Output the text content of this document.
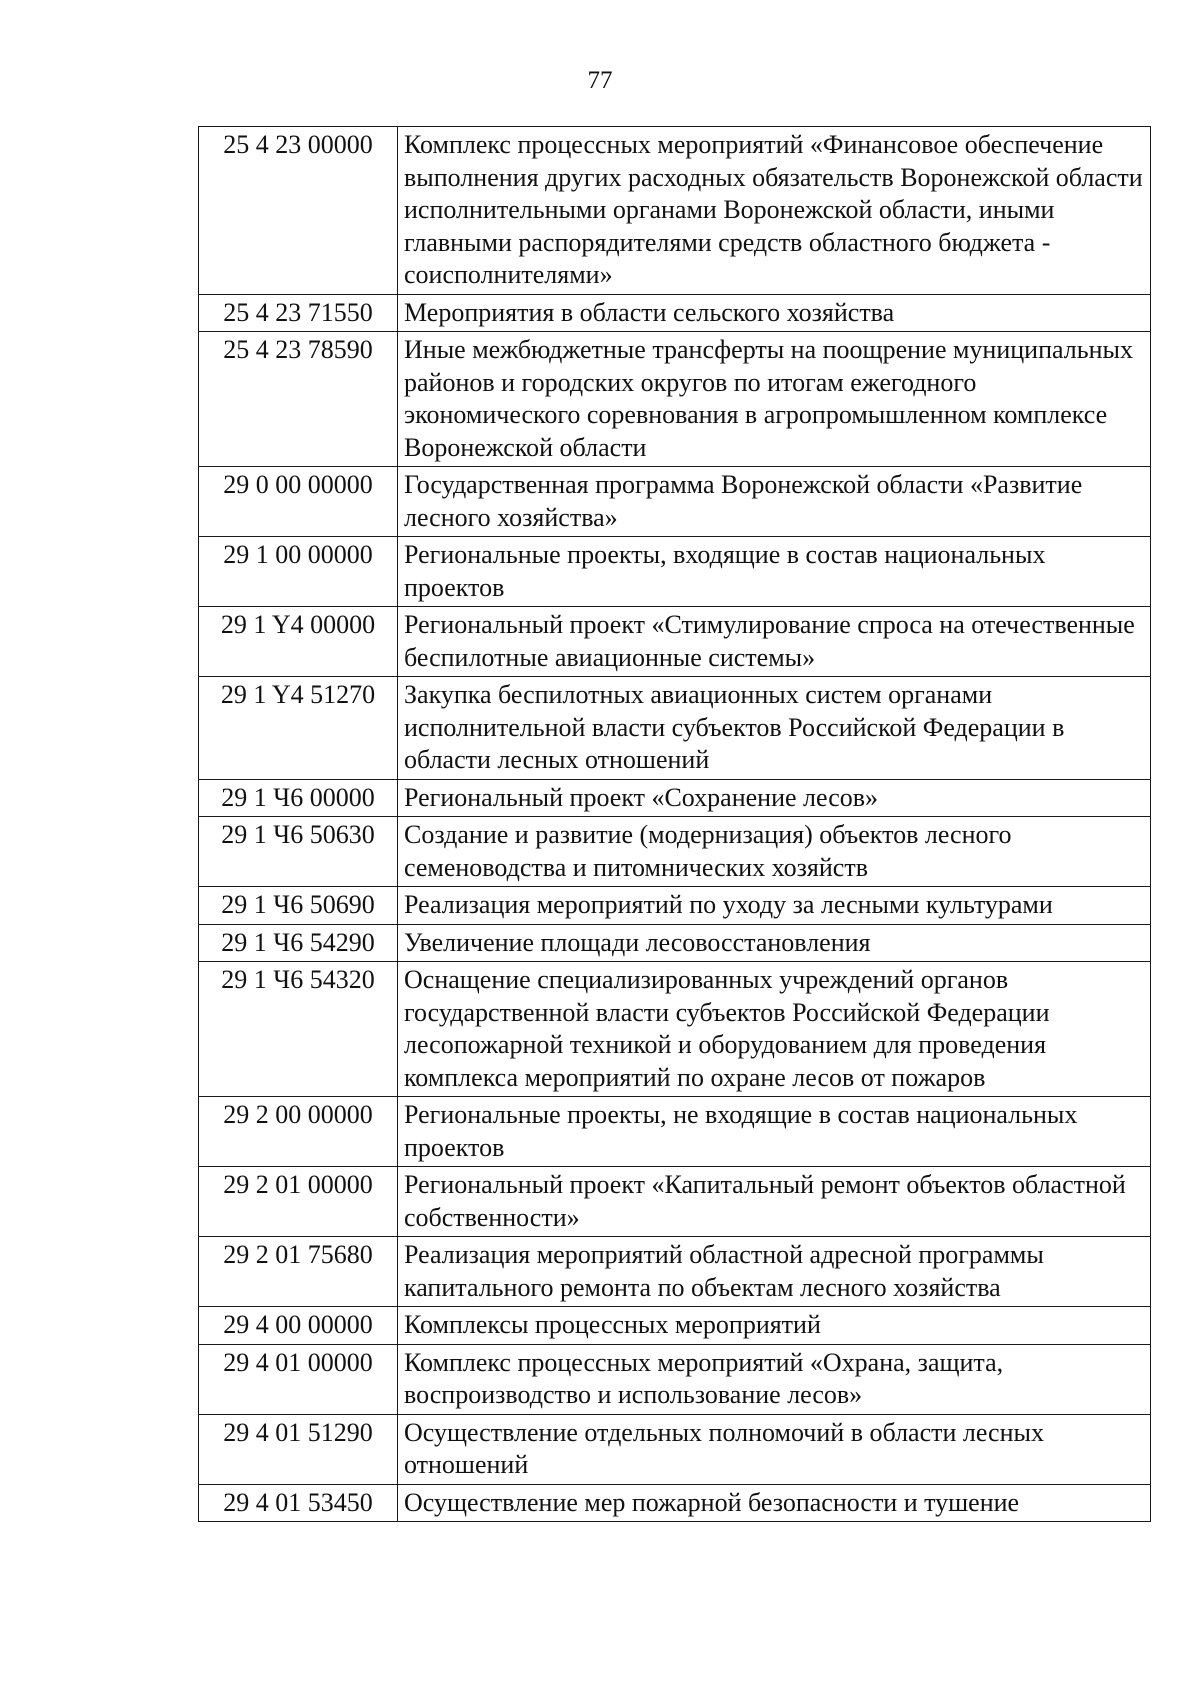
77
25 4 23 00000	Комплекс процессных мероприятий «Финансовое обеспечение выполнения других расходных обязательств Воронежской области исполнительными органами Воронежской области, иными главными распорядителями средств областного бюджета - соисполнителями»
25 4 23 71550	Мероприятия в области сельского хозяйства
25 4 23 78590	Иные межбюджетные трансферты на поощрение муниципальных районов и городских округов по итогам ежегодного экономического соревнования в агропромышленном комплексе Воронежской области
29 0 00 00000	Государственная программа Воронежской области «Развитие лесного хозяйства»
29 1 00 00000	Региональные проекты, входящие в состав национальных проектов
29 1 Y4 00000	Региональный проект «Стимулирование спроса на отечественные беспилотные авиационные системы»
29 1 Y4 51270	Закупка беспилотных авиационных систем органами исполнительной власти субъектов Российской Федерации в области лесных отношений
29 1 Ч6 00000	Региональный проект «Сохранение лесов»
29 1 Ч6 50630	Создание и развитие (модернизация) объектов лесного семеноводства и питомнических хозяйств
29 1 Ч6 50690	Реализация мероприятий по уходу за лесными культурами
29 1 Ч6 54290	Увеличение площади лесовосстановления
29 1 Ч6 54320	Оснащение специализированных учреждений органов государственной власти субъектов Российской Федерации лесопожарной техникой и оборудованием для проведения комплекса мероприятий по охране лесов от пожаров
29 2 00 00000	Региональные проекты, не входящие в состав национальных проектов
29 2 01 00000	Региональный проект «Капитальный ремонт объектов областной собственности»
29 2 01 75680	Реализация мероприятий областной адресной программы капитального ремонта по объектам лесного хозяйства
29 4 00 00000	Комплексы процессных мероприятий
29 4 01 00000	Комплекс процессных мероприятий «Охрана, защита, воспроизводство и использование лесов»
29 4 01 51290	Осуществление отдельных полномочий в области лесных отношений
29 4 01 53450	Осуществление мер пожарной безопасности и тушение
